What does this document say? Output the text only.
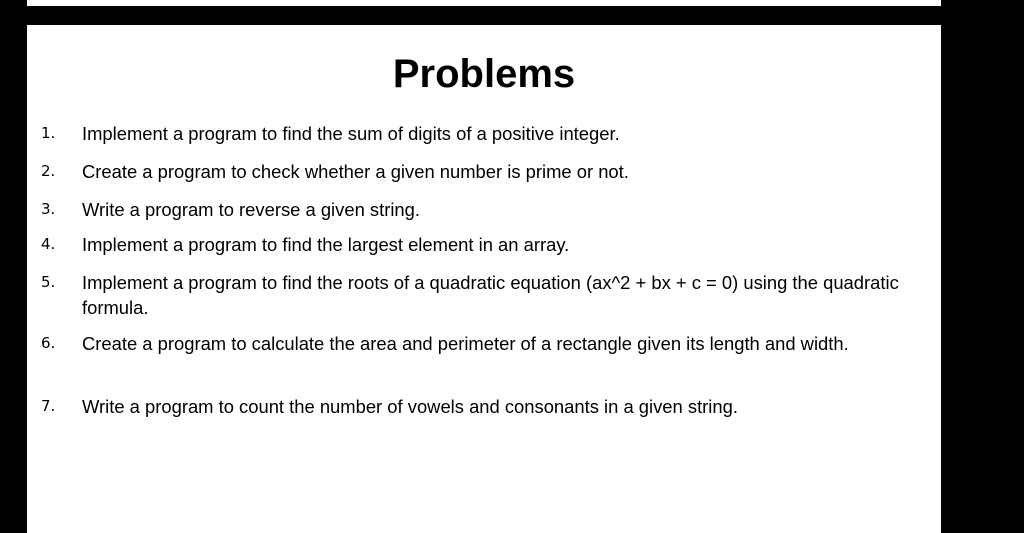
Problems
1. Implement a program to find the sum of digits of a positive integer.
2. Create a program to check whether a given number is prime or not.
3. Write a program to reverse a given string.
4. Implement a program to find the largest element in an array.
5. Implement a program to find the roots of a quadratic equation (ax^2 + bx + c = 0) using the quadratic formula.
6. Create a program to calculate the area and perimeter of a rectangle given its length and width.
7. Write a program to count the number of vowels and consonants in a given string.
